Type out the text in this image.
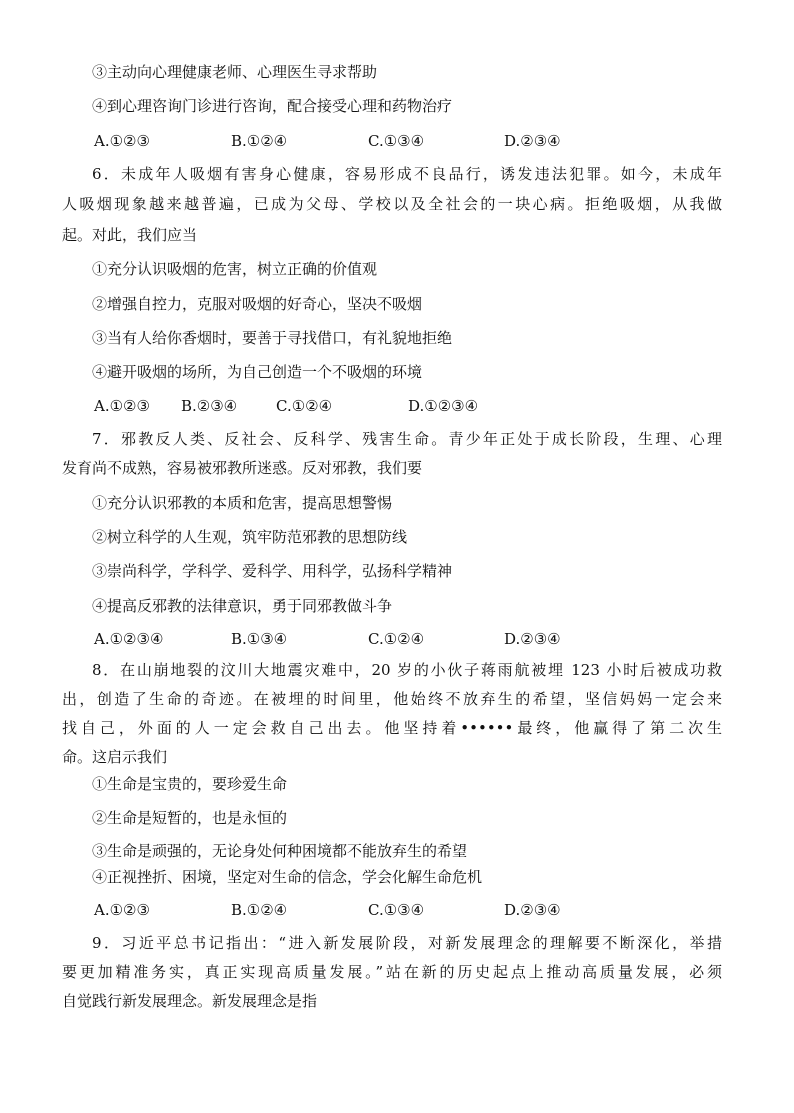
③主动向心理健康老师、心理医生寻求帮助
④到心理咨询门诊进行咨询，配合接受心理和药物治疗
A.①②③	B.①②④	C.①③④	D.②③④
6．未成年人吸烟有害身心健康，容易形成不良品行，诱发违法犯罪。如今，未成年
人吸烟现象越来越普遍，已成为父母、学校以及全社会的一块心病。拒绝吸烟，从我做
起。对此，我们应当
①充分认识吸烟的危害，树立正确的价值观
②增强自控力，克服对吸烟的好奇心，坚决不吸烟
③当有人给你香烟时，要善于寻找借口，有礼貌地拒绝
④避开吸烟的场所，为自己创造一个不吸烟的环境
A.①②③ B.②③④	C.①②④	D.①②③④
7．邪教反人类、反社会、反科学、残害生命。青少年正处于成长阶段，生理、心理
发育尚不成熟，容易被邪教所迷惑。反对邪教，我们要
①充分认识邪教的本质和危害，提高思想警惕
②树立科学的人生观，筑牢防范邪教的思想防线
③崇尚科学，学科学、爱科学、用科学，弘扬科学精神
④提高反邪教的法律意识，勇于同邪教做斗争
A.①②③④	B.①③④	C.①②④	D.②③④
8．在山崩地裂的汶川大地震灾难中，20 岁的小伙子蒋雨航被埋 123 小时后被成功救
出，创造了生命的奇迹。在被埋的时间里，他始终不放弃生的希望，坚信妈妈一定会来
找自己，外面的人一定会救自己出去。他坚持着••••••最终，他赢得了第二次生
命。这启示我们
①生命是宝贵的，要珍爱生命
②生命是短暂的，也是永恒的
③生命是顽强的，无论身处何种困境都不能放弃生的希望
④正视挫折、困境，坚定对生命的信念，学会化解生命危机
A.①②③	B.①②④	C.①③④	D.②③④
9．习近平总书记指出：“进入新发展阶段，对新发展理念的理解要不断深化，举措
要更加精准务实，真正实现高质量发展。”站在新的历史起点上推动高质量发展，必须
自觉践行新发展理念。新发展理念是指
